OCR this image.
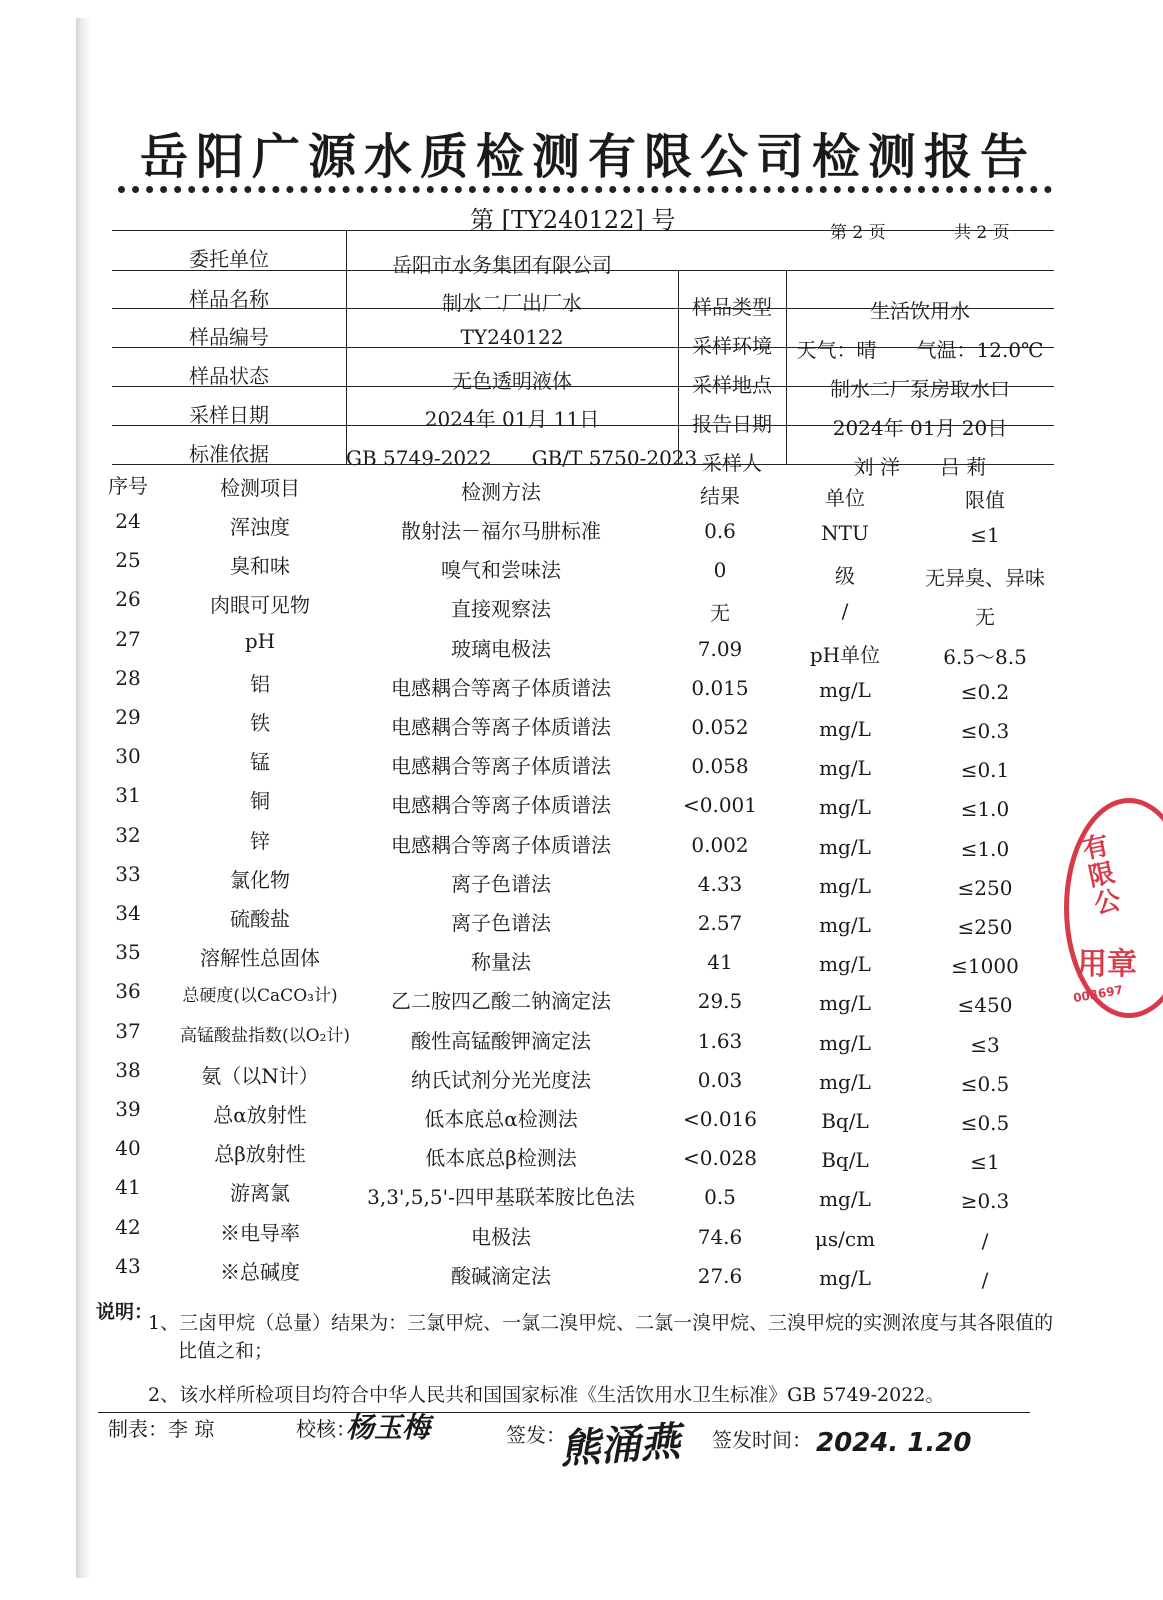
岳阳广源水质检测有限公司检测报告
第 [TY240122] 号	第 2 页	共 2 页
委托单位	岳阳市水务集团有限公司
样品名称	制水二厂出厂水	样品类型	生活饮用水
样品编号	TY240122	采样环境	天气：晴　　气温：12.0℃
样品状态	无色透明液体	采样地点	制水二厂泵房取水口
采样日期	2024年 01月 11日	报告日期	2024年 01月 20日
标准依据	GB 5749-2022　　GB/T 5750-2023 采样人	刘 洋　　吕 莉
序号	检测项目	检测方法	结果	单位	限值
24	浑浊度	散射法－福尔马肼标准	0.6	NTU	≤1
25	臭和味	嗅气和尝味法	0	级	无异臭、异味
26	肉眼可见物	直接观察法	无	/	无
27	pH	玻璃电极法	7.09	pH单位	6.5～8.5
28	铝	电感耦合等离子体质谱法	0.015	mg/L	≤0.2
29	铁	电感耦合等离子体质谱法	0.052	mg/L	≤0.3
30	锰	电感耦合等离子体质谱法	0.058	mg/L	≤0.1
31	铜	电感耦合等离子体质谱法	<0.001	mg/L	≤1.0
32	锌	电感耦合等离子体质谱法	0.002	mg/L	≤1.0
33	氯化物	离子色谱法	4.33	mg/L	≤250
34	硫酸盐	离子色谱法	2.57	mg/L	≤250
35	溶解性总固体	称量法	41	mg/L	≤1000
36	总硬度(以CaCO₃计)	乙二胺四乙酸二钠滴定法	29.5	mg/L	≤450
37	高锰酸盐指数(以O₂计)	酸性高锰酸钾滴定法	1.63	mg/L	≤3
38	氨（以N计）	纳氏试剂分光光度法	0.03	mg/L	≤0.5
39	总α放射性	低本底总α检测法	<0.016	Bq/L	≤0.5
40	总β放射性	低本底总β检测法	<0.028	Bq/L	≤1
41	游离氯	3,3',5,5'-四甲基联苯胺比色法	0.5	mg/L	≥0.3
42	※电导率	电极法	74.6	μs/cm	/
43	※总碱度	酸碱滴定法	27.6	mg/L	/
说明：
1、三卤甲烷（总量）结果为：三氯甲烷、一氯二溴甲烷、二氯一溴甲烷、三溴甲烷的实测浓度与其各限值的
比值之和；
2、该水样所检项目均符合中华人民共和国国家标准《生活饮用水卫生标准》GB 5749-2022。
制表： 李 琼	校核：
杨玉梅	签发：
熊涌燕 签发时间： 2024. 1.20
有限公
用章
003697
